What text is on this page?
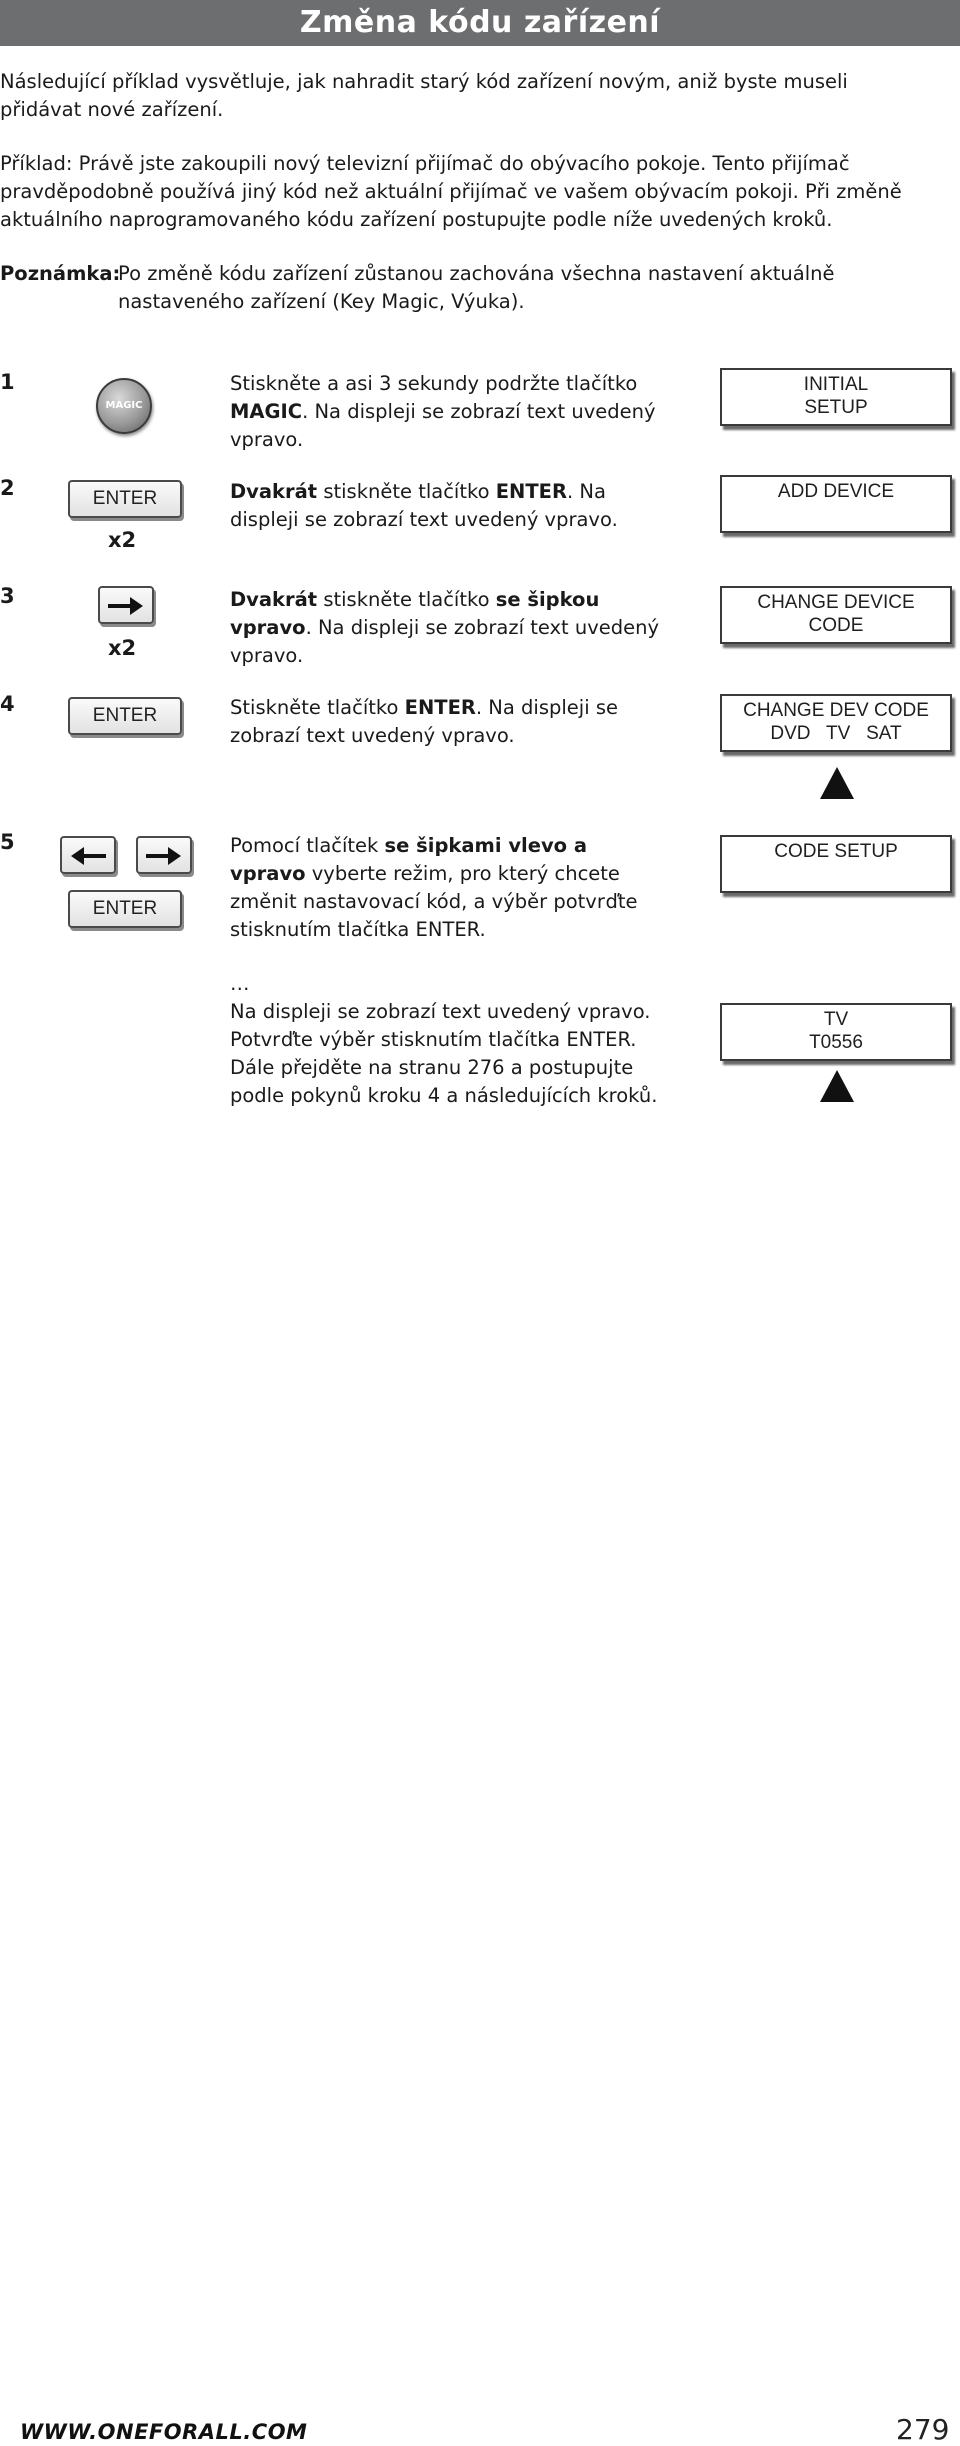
Změna kódu zařízení

Následující příklad vysvětluje, jak nahradit starý kód zařízení novým, aniž byste museli přidávat nové zařízení.

Příklad: Právě jste zakoupili nový televizní přijímač do obývacího pokoje. Tento přijímač pravděpodobně používá jiný kód než aktuální přijímač ve vašem obývacím pokoji. Při změně aktuálního naprogramovaného kódu zařízení postupujte podle níže uvedených kroků.

Poznámka:
Po změně kódu zařízení zůstanou zachována všechna nastavení aktuálně nastaveného zařízení (Key Magic, Výuka).
1
MAGIC

Stiskněte a asi 3 sekundy podržte tlačítko MAGIC. Na displeji se zobrazí text uvedený vpravo.

INITIAL
SETUP
2	ENTER
x2

Dvakrát stiskněte tlačítko ENTER. Na displeji se zobrazí text uvedený vpravo.

ADD DEVICE
3
x2

Dvakrát stiskněte tlačítko se šipkou vpravo. Na displeji se zobrazí text uvedený vpravo.

CHANGE DEVICE
CODE
4	ENTER	Stiskněte tlačítko ENTER. Na displeji se zobrazí text uvedený vpravo.

CHANGE DEV CODE
DVD   TV   SAT
5
ENTER

Pomocí tlačítek se šipkami vlevo a vpravo vyberte režim, pro který chcete změnit nastavovací kód, a výběr potvrďte stisknutím tlačítka ENTER.

CODE SETUP

…
Na displeji se zobrazí text uvedený vpravo. Potvrďte výběr stisknutím tlačítka ENTER. Dále přejděte na stranu 276 a postupujte podle pokynů kroku 4 a následujících kroků.

TV
T0556
WWW.ONEFORALL.COM	279
